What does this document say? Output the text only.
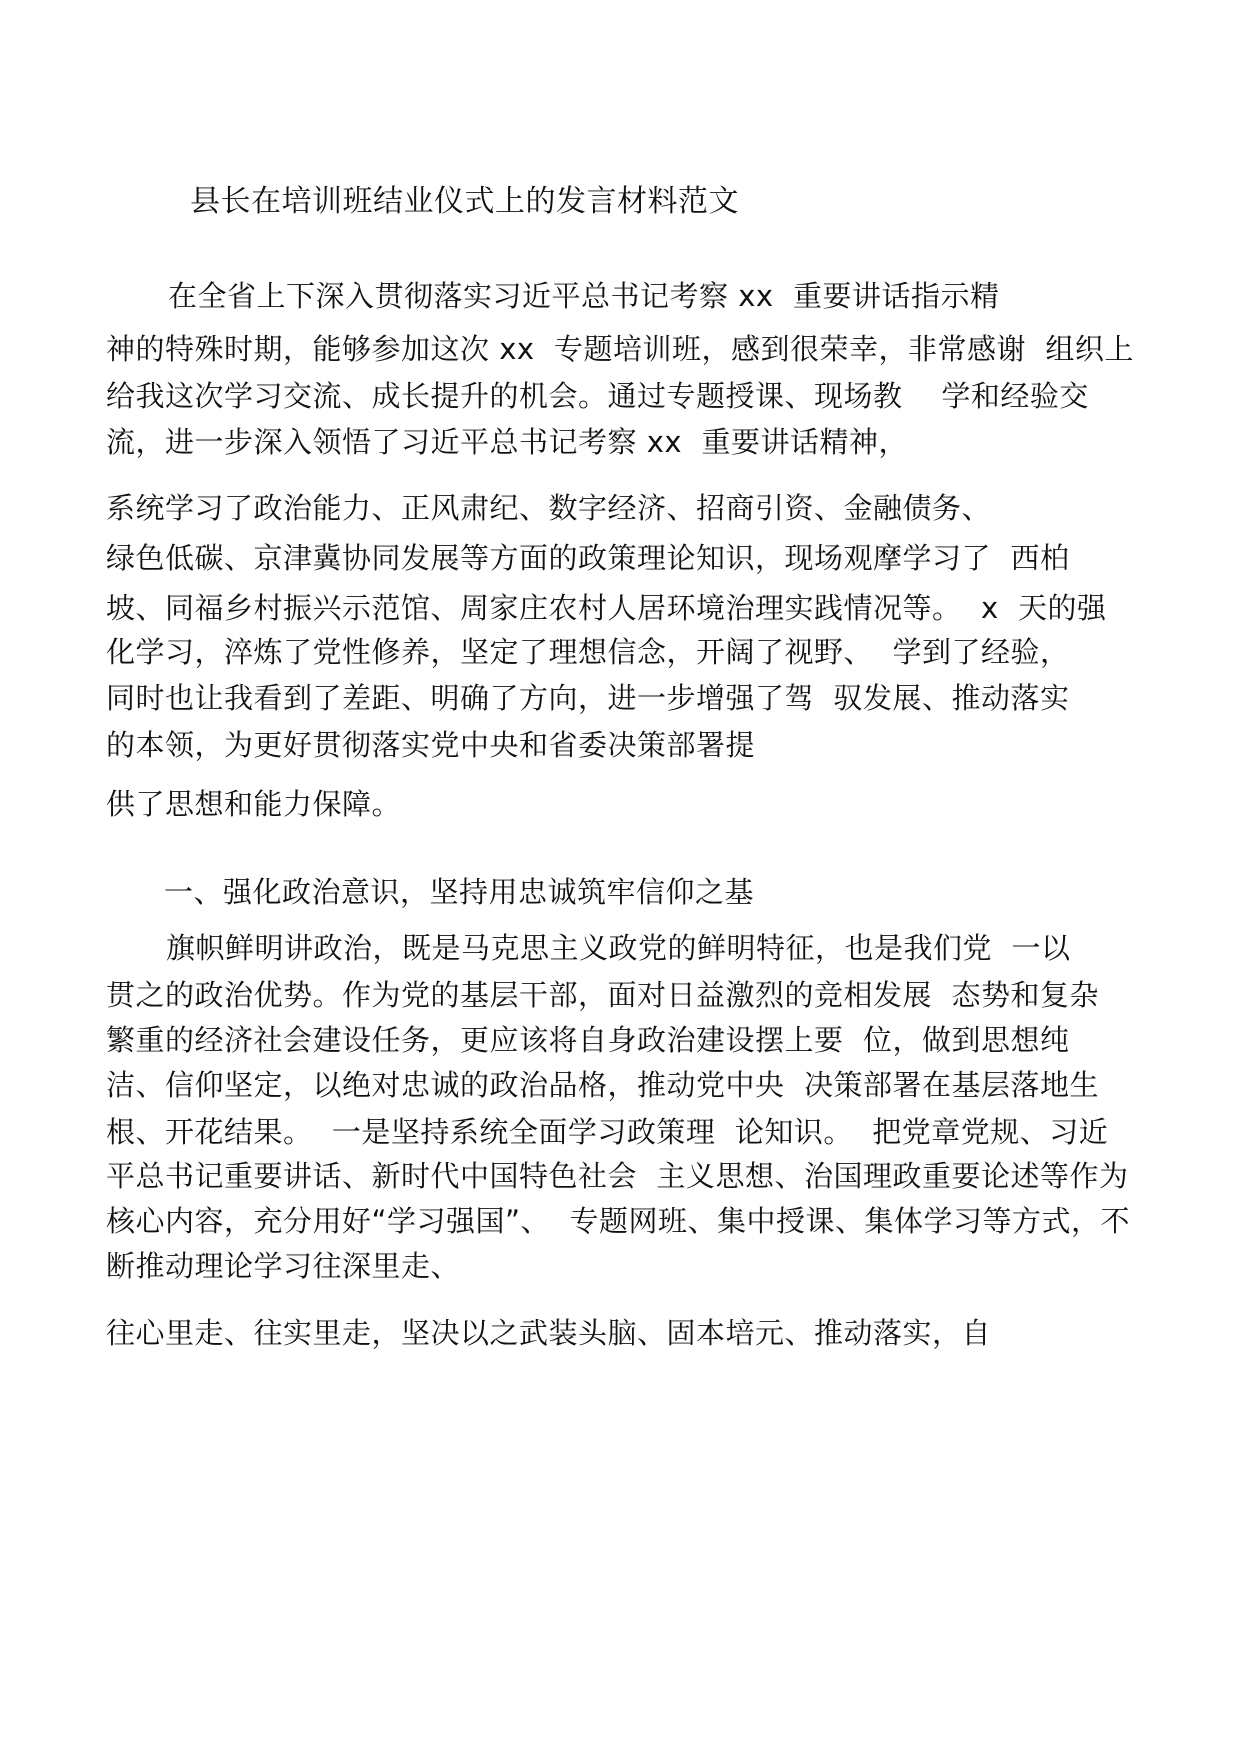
县长在培训班结业仪式上的发言材料范文
在全省上下深入贯彻落实习近平总书记考察 xx  重要讲话指示精
神的特殊时期，能够参加这次 xx  专题培训班，感到很荣幸，非常感谢  组织上
给我这次学习交流、成长提升的机会。通过专题授课、现场教    学和经验交
流，进一步深入领悟了习近平总书记考察 xx  重要讲话精神，
系统学习了政治能力、正风肃纪、数字经济、招商引资、金融债务、
绿色低碳、京津冀协同发展等方面的政策理论知识，现场观摩学习了  西柏
坡、同福乡村振兴示范馆、周家庄农村人居环境治理实践情况等。  x  天的强
化学习，淬炼了党性修养，坚定了理想信念，开阔了视野、  学到了经验，
同时也让我看到了差距、明确了方向，进一步增强了驾  驭发展、推动落实
的本领，为更好贯彻落实党中央和省委决策部署提
供了思想和能力保障。
一、强化政治意识，坚持用忠诚筑牢信仰之基
旗帜鲜明讲政治，既是马克思主义政党的鲜明特征，也是我们党  一以
贯之的政治优势。作为党的基层干部，面对日益激烈的竞相发展  态势和复杂
繁重的经济社会建设任务，更应该将自身政治建设摆上要  位，做到思想纯
洁、信仰坚定，以绝对忠诚的政治品格，推动党中央  决策部署在基层落地生
根、开花结果。  一是坚持系统全面学习政策理  论知识。  把党章党规、习近
平总书记重要讲话、新时代中国特色社会  主义思想、治国理政重要论述等作为
核心内容，充分用好“学习强国”、  专题网班、集中授课、集体学习等方式，不
断推动理论学习往深里走、
往心里走、往实里走，坚决以之武装头脑、固本培元、推动落实，自
